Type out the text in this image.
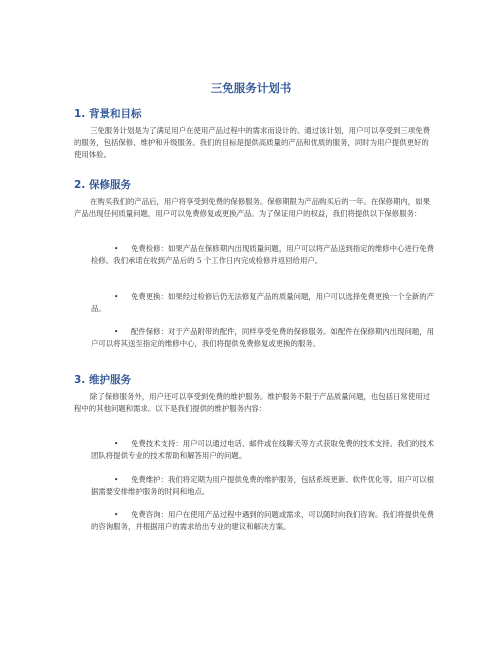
三免服务计划书
1. 背景和目标

三免服务计划是为了满足用户在使用产品过程中的需求而设计的。通过该计划，用户可以享受到三项免费的服务，包括保修、维护和升级服务。我们的目标是提供高质量的产品和优质的服务，同时为用户提供更好的使用体验。

2. 保修服务

在购买我们的产品后，用户将享受到免费的保修服务。保修期限为产品购买后的一年。在保修期内，如果产品出现任何质量问题，用户可以免费修复或更换产品。为了保证用户的权益，我们将提供以下保修服务：

•	免费检修：如果产品在保修期内出现质量问题，用户可以将产品送到指定的维修中心进行免费检修。我们承诺在收到产品后的 5 个工作日内完成检修并返回给用户。
•	免费更换：如果经过检修后仍无法修复产品的质量问题，用户可以选择免费更换一个全新的产品。
•	配件保修：对于产品附带的配件，同样享受免费的保修服务。如配件在保修期内出现问题，用户可以将其送至指定的维修中心，我们将提供免费修复或更换的服务。
3. 维护服务

除了保修服务外，用户还可以享受到免费的维护服务。维护服务不限于产品质量问题，也包括日常使用过程中的其他问题和需求。以下是我们提供的维护服务内容：

•	免费技术支持：用户可以通过电话、邮件或在线聊天等方式获取免费的技术支持。我们的技术团队将提供专业的技术帮助和解答用户的问题。
•	免费维护：我们将定期为用户提供免费的维护服务，包括系统更新、软件优化等。用户可以根据需要安排维护服务的时间和地点。
•	免费咨询：用户在使用产品过程中遇到的问题或需求，可以随时向我们咨询。我们将提供免费的咨询服务，并根据用户的需求给出专业的建议和解决方案。
